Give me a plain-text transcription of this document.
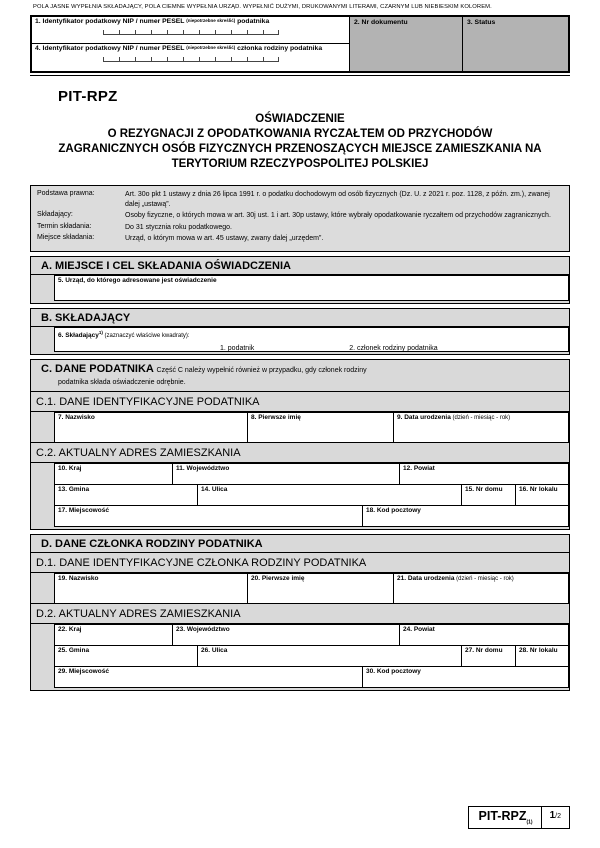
POLA JASNE WYPEŁNIA SKŁADAJĄCY, POLA CIEMNE WYPEŁNIA URZĄD. WYPEŁNIĆ DUŻYMI, DRUKOWANYMI LITERAMI, CZARNYM LUB NIEBIESKIM KOLOREM.
1. Identyfikator podatkowy NIP / numer PESEL (niepotrzebne skreślić) podatnika
4. Identyfikator podatkowy NIP / numer PESEL (niepotrzebne skreślić) członka rodziny podatnika
2. Nr dokumentu	3. Status
PIT-RPZ
OŚWIADCZENIE
O REZYGNACJI Z OPODATKOWANIA RYCZAŁTEM OD PRZYCHODÓW
ZAGRANICZNYCH OSÓB FIZYCZNYCH PRZENOSZĄCYCH MIEJSCE ZAMIESZKANIA NA
TERYTORIUM RZECZYPOSPOLITEJ POLSKIEJ
Podstawa prawna:	Art. 30o pkt 1 ustawy z dnia 26 lipca 1991 r. o podatku dochodowym od osób fizycznych (Dz. U. z 2021 r. poz. 1128, z późn. zm.), zwanej dalej „ustawą”.
Składający:	Osoby fizyczne, o których mowa w art. 30j ust. 1 i art. 30p ustawy, które wybrały opodatkowanie ryczałtem od przychodów zagranicznych.
Termin składania:	Do 31 stycznia roku podatkowego.
Miejsce składania:	Urząd, o którym mowa w art. 45 ustawy, zwany dalej „urzędem”.
A. MIEJSCE I CEL SKŁADANIA OŚWIADCZENIA
5. Urząd, do którego adresowane jest oświadczenie
B. SKŁADAJĄCY
6. Składający$^{1)}$ (zaznaczyć właściwe kwadraty):
1. podatnik	2. członek rodziny podatnika
C. DANE PODATNIKA Część C należy wypełnić również w przypadku, gdy członek rodziny
podatnika składa oświadczenie odrębnie.
C.1. DANE IDENTYFIKACYJNE PODATNIKA
7. Nazwisko	8. Pierwsze imię	9. Data urodzenia (dzień - miesiąc - rok)
C.2. AKTUALNY ADRES ZAMIESZKANIA
10. Kraj	11. Województwo	12. Powiat
13. Gmina	14. Ulica	15. Nr domu	16. Nr lokalu
17. Miejscowość	18. Kod pocztowy
D. DANE CZŁONKA RODZINY PODATNIKA
D.1. DANE IDENTYFIKACYJNE CZŁONKA RODZINY PODATNIKA
19. Nazwisko	20. Pierwsze imię	21. Data urodzenia (dzień - miesiąc - rok)
D.2. AKTUALNY ADRES ZAMIESZKANIA
22. Kraj	23. Województwo	24. Powiat
25. Gmina	26. Ulica	27. Nr domu	28. Nr lokalu
29. Miejscowość	30. Kod pocztowy
PIT-$RPZ_{(1)}$
1/2
